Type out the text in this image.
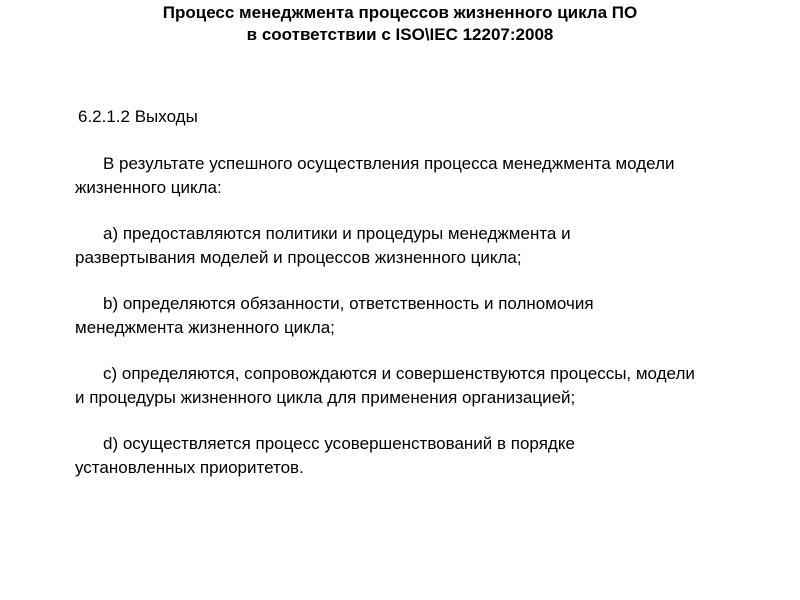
Процесс менеджмента процессов жизненного цикла ПО
в соответствии с ISO\IEC 12207:2008
6.2.1.2 Выходы

В результате успешного осуществления процесса менеджмента модели жизненного цикла:

a) предоставляются политики и процедуры менеджмента и развертывания моделей и процессов жизненного цикла;

b) определяются обязанности, ответственность и полномочия менеджмента жизненного цикла;

c) определяются, сопровождаются и совершенствуются процессы, модели и процедуры жизненного цикла для применения организацией;

d) осуществляется процесс усовершенствований в порядке установленных приоритетов.
